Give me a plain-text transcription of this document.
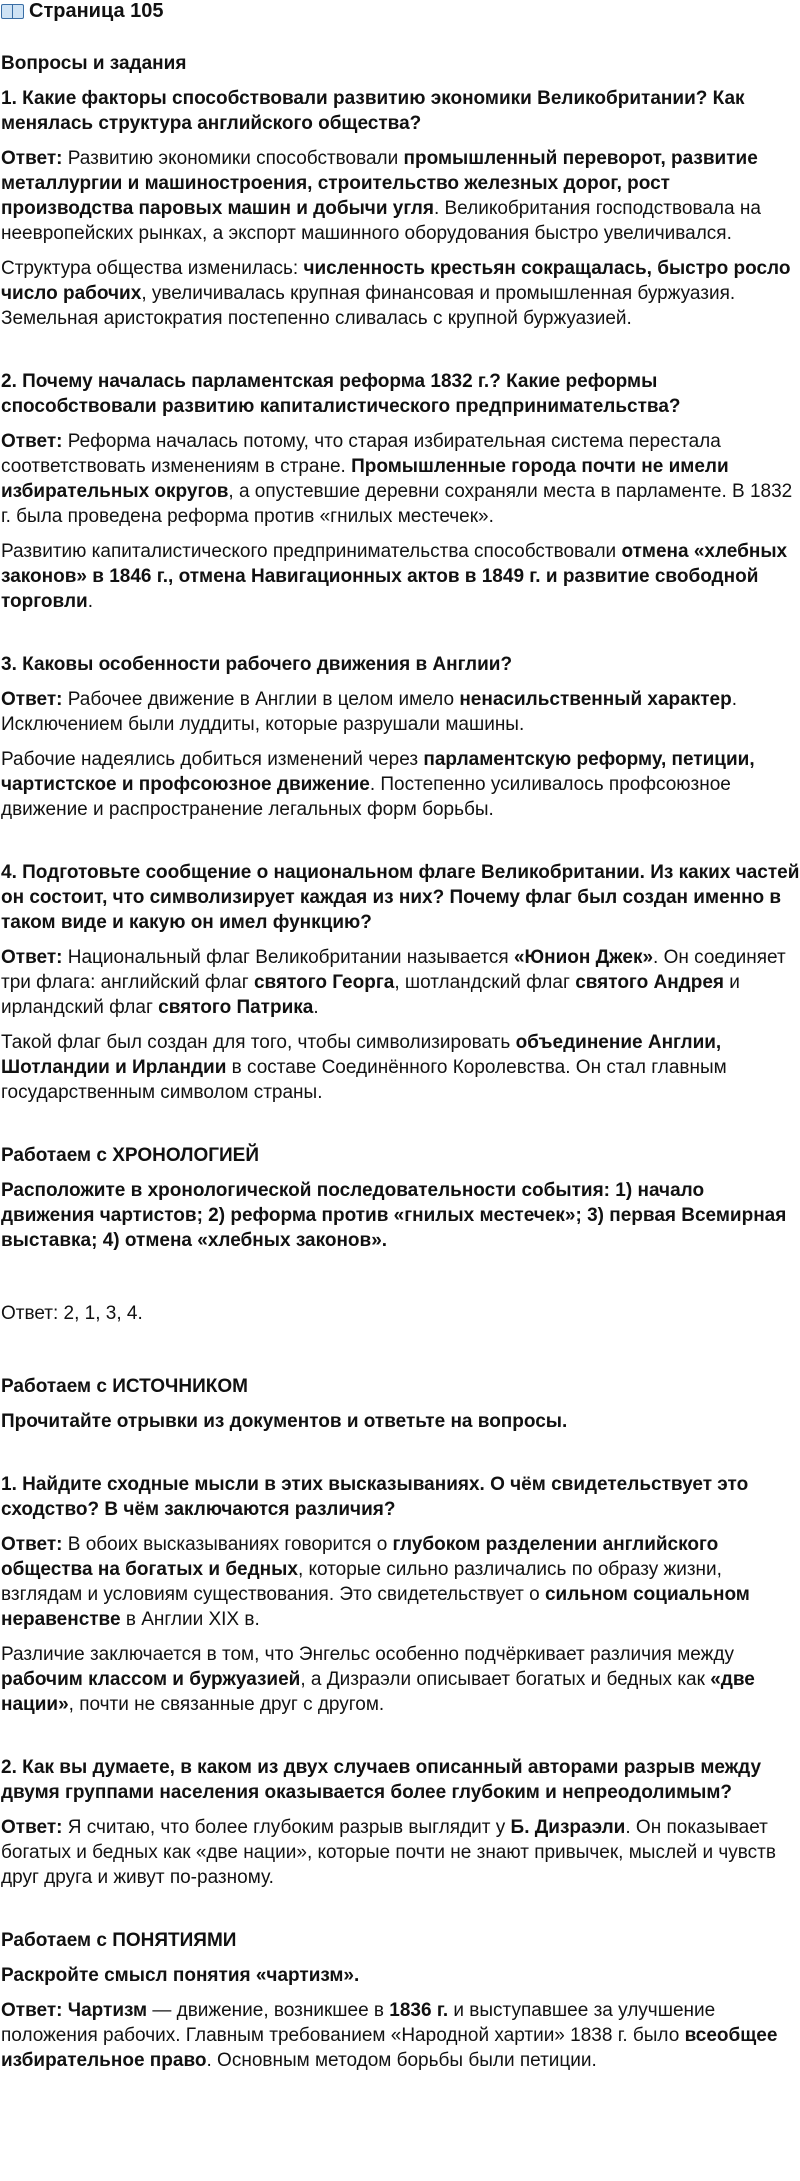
Страница 105
Вопросы и задания
1. Какие факторы способствовали развитию экономики Великобритании? Как менялась структура английского общества?

Ответ: Развитию экономики способствовали промышленный переворот, развитие металлургии и машиностроения, строительство железных дорог, рост производства паровых машин и добычи угля. Великобритания господствовала на неевропейских рынках, а экспорт машинного оборудования быстро увеличивался.

Структура общества изменилась: численность крестьян сокращалась, быстро росло число рабочих, увеличивалась крупная финансовая и промышленная буржуазия. Земельная аристократия постепенно сливалась с крупной буржуазией.

2. Почему началась парламентская реформа 1832 г.? Какие реформы способствовали развитию капиталистического предпринимательства?

Ответ: Реформа началась потому, что старая избирательная система перестала соответствовать изменениям в стране. Промышленные города почти не имели избирательных округов, а опустевшие деревни сохраняли места в парламенте. В 1832 г. была проведена реформа против «гнилых местечек».

Развитию капиталистического предпринимательства способствовали отмена «хлебных законов» в 1846 г., отмена Навигационных актов в 1849 г. и развитие свободной торговли.

3. Каковы особенности рабочего движения в Англии?

Ответ: Рабочее движение в Англии в целом имело ненасильственный характер. Исключением были луддиты, которые разрушали машины.

Рабочие надеялись добиться изменений через парламентскую реформу, петиции, чартистское и профсоюзное движение. Постепенно усиливалось профсоюзное движение и распространение легальных форм борьбы.

4. Подготовьте сообщение о национальном флаге Великобритании. Из каких частей он состоит, что символизирует каждая из них? Почему флаг был создан именно в таком виде и какую он имел функцию?

Ответ: Национальный флаг Великобритании называется «Юнион Джек». Он соединяет три флага: английский флаг святого Георга, шотландский флаг святого Андрея и ирландский флаг святого Патрика.

Такой флаг был создан для того, чтобы символизировать объединение Англии, Шотландии и Ирландии в составе Соединённого Королевства. Он стал главным государственным символом страны.

Работаем с ХРОНОЛОГИЕЙ
Расположите в хронологической последовательности события: 1) начало движения чартистов; 2) реформа против «гнилых местечек»; 3) первая Всемирная выставка; 4) отмена «хлебных законов».

Ответ: 2, 1, 3, 4.

Работаем с ИСТОЧНИКОМ
Прочитайте отрывки из документов и ответьте на вопросы.
1. Найдите сходные мысли в этих высказываниях. О чём свидетельствует это сходство? В чём заключаются различия?

Ответ: В обоих высказываниях говорится о глубоком разделении английского общества на богатых и бедных, которые сильно различались по образу жизни, взглядам и условиям существования. Это свидетельствует о сильном социальном неравенстве в Англии XIX в.

Различие заключается в том, что Энгельс особенно подчёркивает различия между рабочим классом и буржуазией, а Дизраэли описывает богатых и бедных как «две нации», почти не связанные друг с другом.

2. Как вы думаете, в каком из двух случаев описанный авторами разрыв между двумя группами населения оказывается более глубоким и непреодолимым?

Ответ: Я считаю, что более глубоким разрыв выглядит у Б. Дизраэли. Он показывает богатых и бедных как «две нации», которые почти не знают привычек, мыслей и чувств друг друга и живут по-разному.

Работаем с ПОНЯТИЯМИ
Раскройте смысл понятия «чартизм».

Ответ: Чартизм — движение, возникшее в 1836 г. и выступавшее за улучшение положения рабочих. Главным требованием «Народной хартии» 1838 г. было всеобщее избирательное право. Основным методом борьбы были петиции.
